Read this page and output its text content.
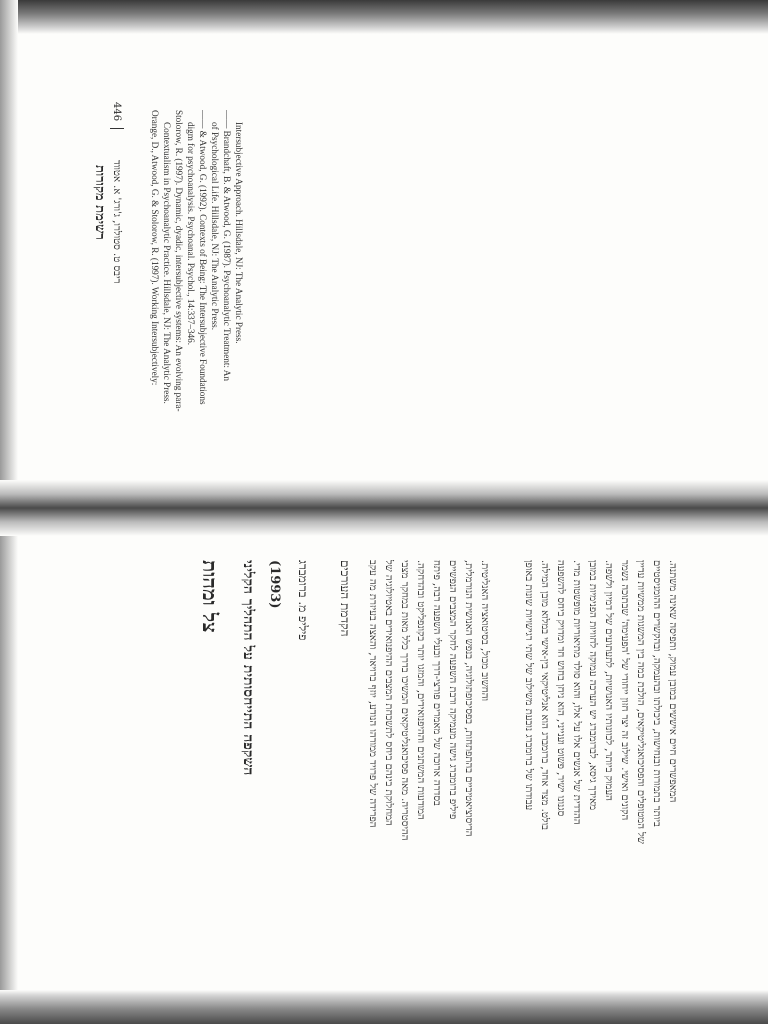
446
ריבס ט. סטולרו, ג'ורג' א. אטווד
רשימת מקורות	Orange, D., Atwood, G. & Stolorow, R. (1997). Working Intersubjectively: Contextualism in Psychoanalytic Practice. Hillsdale, NJ: The Analytic Press. Stolorow, R. (1997). Dynamic, dyadic, intersubjective systems: An evolving para- digm for psychoanalysis. Psychoanal. Psychol., 14:337–346. —— & Atwood, G. (1992). Contexts of Being: The Intersubjective Foundations of Psychological Life. Hillsdale, NJ: The Analytic Press. —— Brandchaft, B. & Atwood, G. (1987). Psychoanalytic Treatment: An Intersubjective Approach. Hillsdale, NJ: The Analytic Press.
צל ומהות השקפה התייחסותית על התהליך הקליני (1993) פיליפ מ. ברומברג הקדמת העורכים הפרידה של פרויד ממורהו הנודע, יוזף ברויאר, והאצה בעיזרת מה עקב המחלוקת בינהם ביחס לתשכחת המצבים ההיפנואידים באטיולוגיה של ההיסטריה. מאה פסיכואנליטיקאים המשיכו בדרך כלל מאות במחקר מצבי המודעות המשתנים וההיפנואידים, והמזגו יותר בקונפליקט ובהדחקה. בסדרה ארוכה של מאמרים פורצי-דרך ובעלי השפעה רבה, פיתח פיליפ ברומברג גישה מעמיקה ורבת השפעה לחקר המצבים הנפשיים הדיסוציאטיביים בהתפתחות, בפסיכופתולוגיה, בנפש האנושית הנורמלית, והחשוב מכול, בסיטואציה האנליטית.	עבודתו של ברומברג נובעת משילוב של שתי רגישויות שונות באופן בולט. מצד אחד, ברומברג הוא אנליטיקאי בין-אישי במלוא מובן המילה. סגנונו ישיר, פשוט וענייני, הוא ניחן בחוש חד ומדויק ביחס להשפעה ההדדית של אנשים אלו על אלו, והוא סולד מתיאוריות מופשטות מדי. מאידך גיסא, לברומברג יש הערכה עמוקה לחוויות הפנימיות במובן העמוק ביותר, לכוונותיו האנושיות, לתעתועים של דמיון ולשפה. הקונים ואישי. שילוב זה יצר חזון ייחודי של 'הפעימה' שבתוכה נשמר של המטופלים והפסיכואנליטיקאים, הולכת כמה בין המשגות ממשיות עדיין ביותר בתמורות ובנחישות, ביכולתו ובהעמקה, ובהקשרים ההומניסטיים המאפשרים חיים איששים במובן עמוק, ותפיסה שאינה משתנה.
